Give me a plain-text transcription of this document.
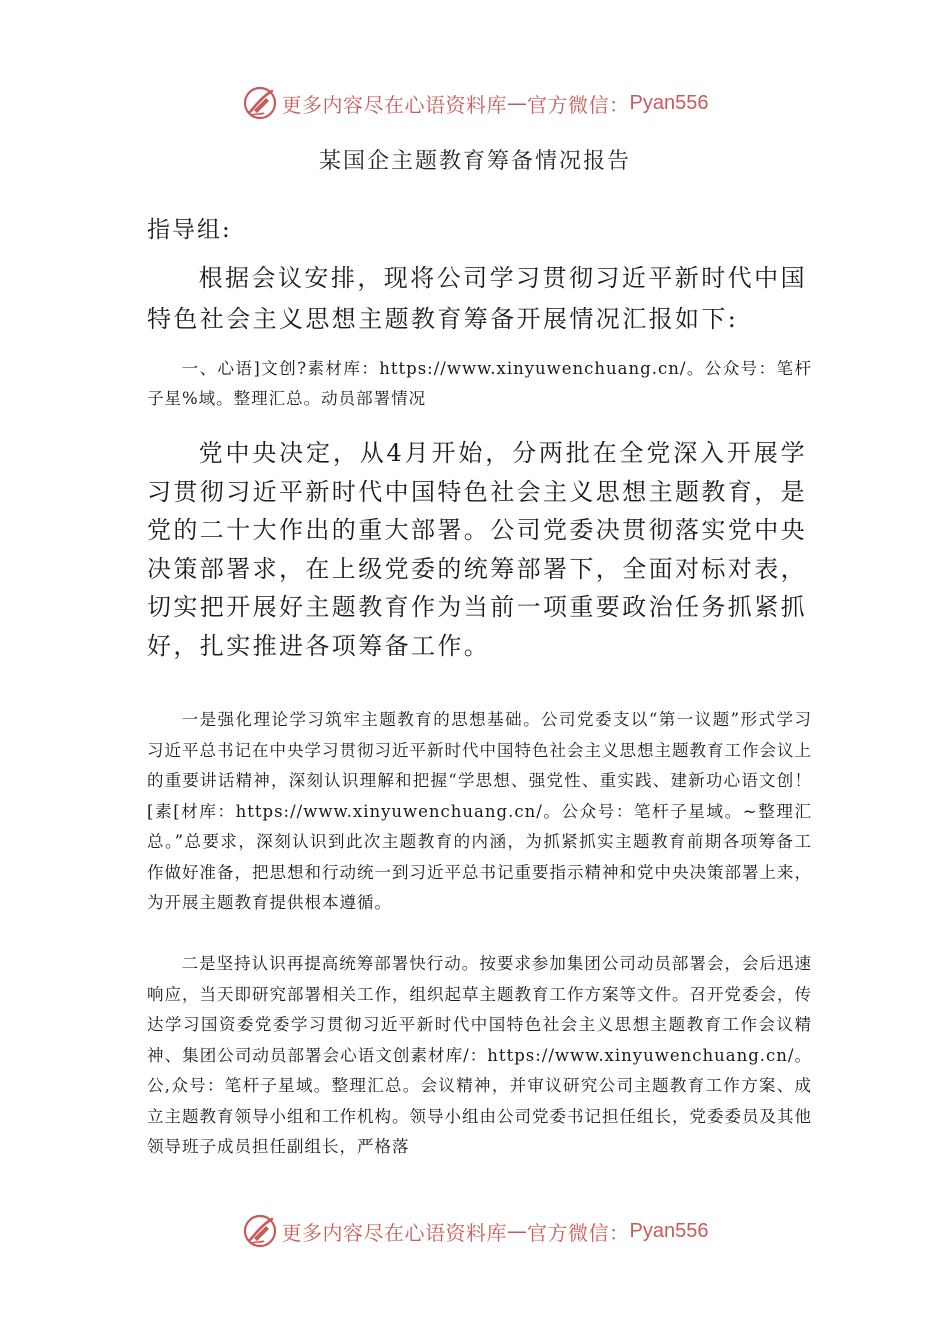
更多内容尽在心语资料库 — 官方微信： Pyan556
某国企主题教育筹备情况报告
指导组:

根据会议安排，现将公司学习贯彻习近平新时代中国特色社会主义思想主题教育筹备开展情况汇报如下:

一、心语]文创?素材库：https://www.xinyuwenchuang.cn/。公众号：笔杆子星%域。整理汇总。动员部署情况

党中央决定，从4月开始，分两批在全党深入开展学习贯彻习近平新时代中国特色社会主义思想主题教育，是党的二十大作出的重大部署。公司党委决贯彻落实党中央决策部署求，在上级党委的统筹部署下，全面对标对表，切实把开展好主题教育作为当前一项重要政治任务抓紧抓好，扎实推进各项筹备工作。

一是强化理论学习筑牢主题教育的思想基础。公司党委支以“第一议题”形式学习习近平总书记在中央学习贯彻习近平新时代中国特色社会主义思想主题教育工作会议上的重要讲话精神，深刻认识理解和把握“学思想、强党性、重实践、建新功心语文创！[素[材库：https://www.xinyuwenchuang.cn/。公众号：笔杆子星域。~整理汇总。”总要求，深刻认识到此次主题教育的内涵，为抓紧抓实主题教育前期各项筹备工作做好准备，把思想和行动统一到习近平总书记重要指示精神和党中央决策部署上来，为开展主题教育提供根本遵循。

二是坚持认识再提高统筹部署快行动。按要求参加集团公司动员部署会，会后迅速响应，当天即研究部署相关工作，组织起草主题教育工作方案等文件。召开党委会，传达学习国资委党委学习贯彻习近平新时代中国特色社会主义思想主题教育工作会议精神、集团公司动员部署会心语文创素材库/：https://www.xinyuwenchuang.cn/。公,众号：笔杆子星域。整理汇总。会议精神，并审议研究公司主题教育工作方案、成立主题教育领导小组和工作机构。领导小组由公司党委书记担任组长，党委委员及其他领导班子成员担任副组长，严格落

更多内容尽在心语资料库 — 官方微信： Pyan556
